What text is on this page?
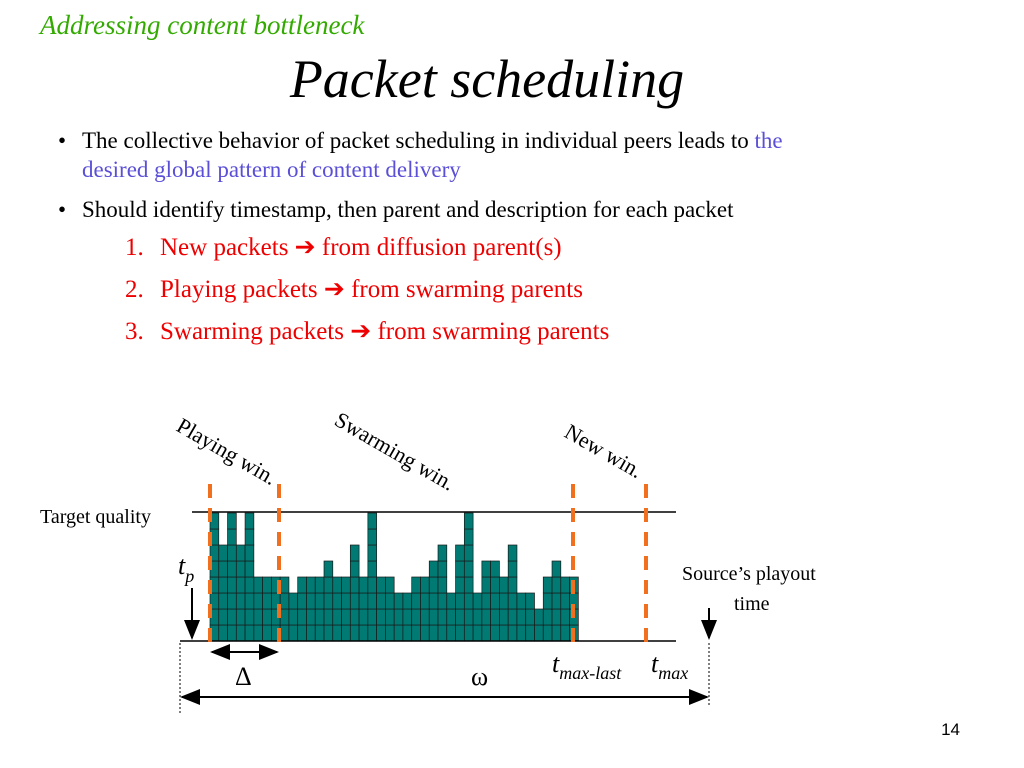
Addressing content bottleneck
Packet scheduling
• The collective behavior of packet scheduling in individual peers leads to the
desired global pattern of content delivery
• Should identify timestamp, then parent and description for each packet
1. New packets ➔ from diffusion parent(s)
2. Playing packets ➔ from swarming parents
3. Swarming packets ➔ from swarming parents
Playing win. Swarming win.	New win.
Target quality
$t_p$	Source’s playout
time
Δ	ω $t_{max-last}$ $t_{max}$
14
